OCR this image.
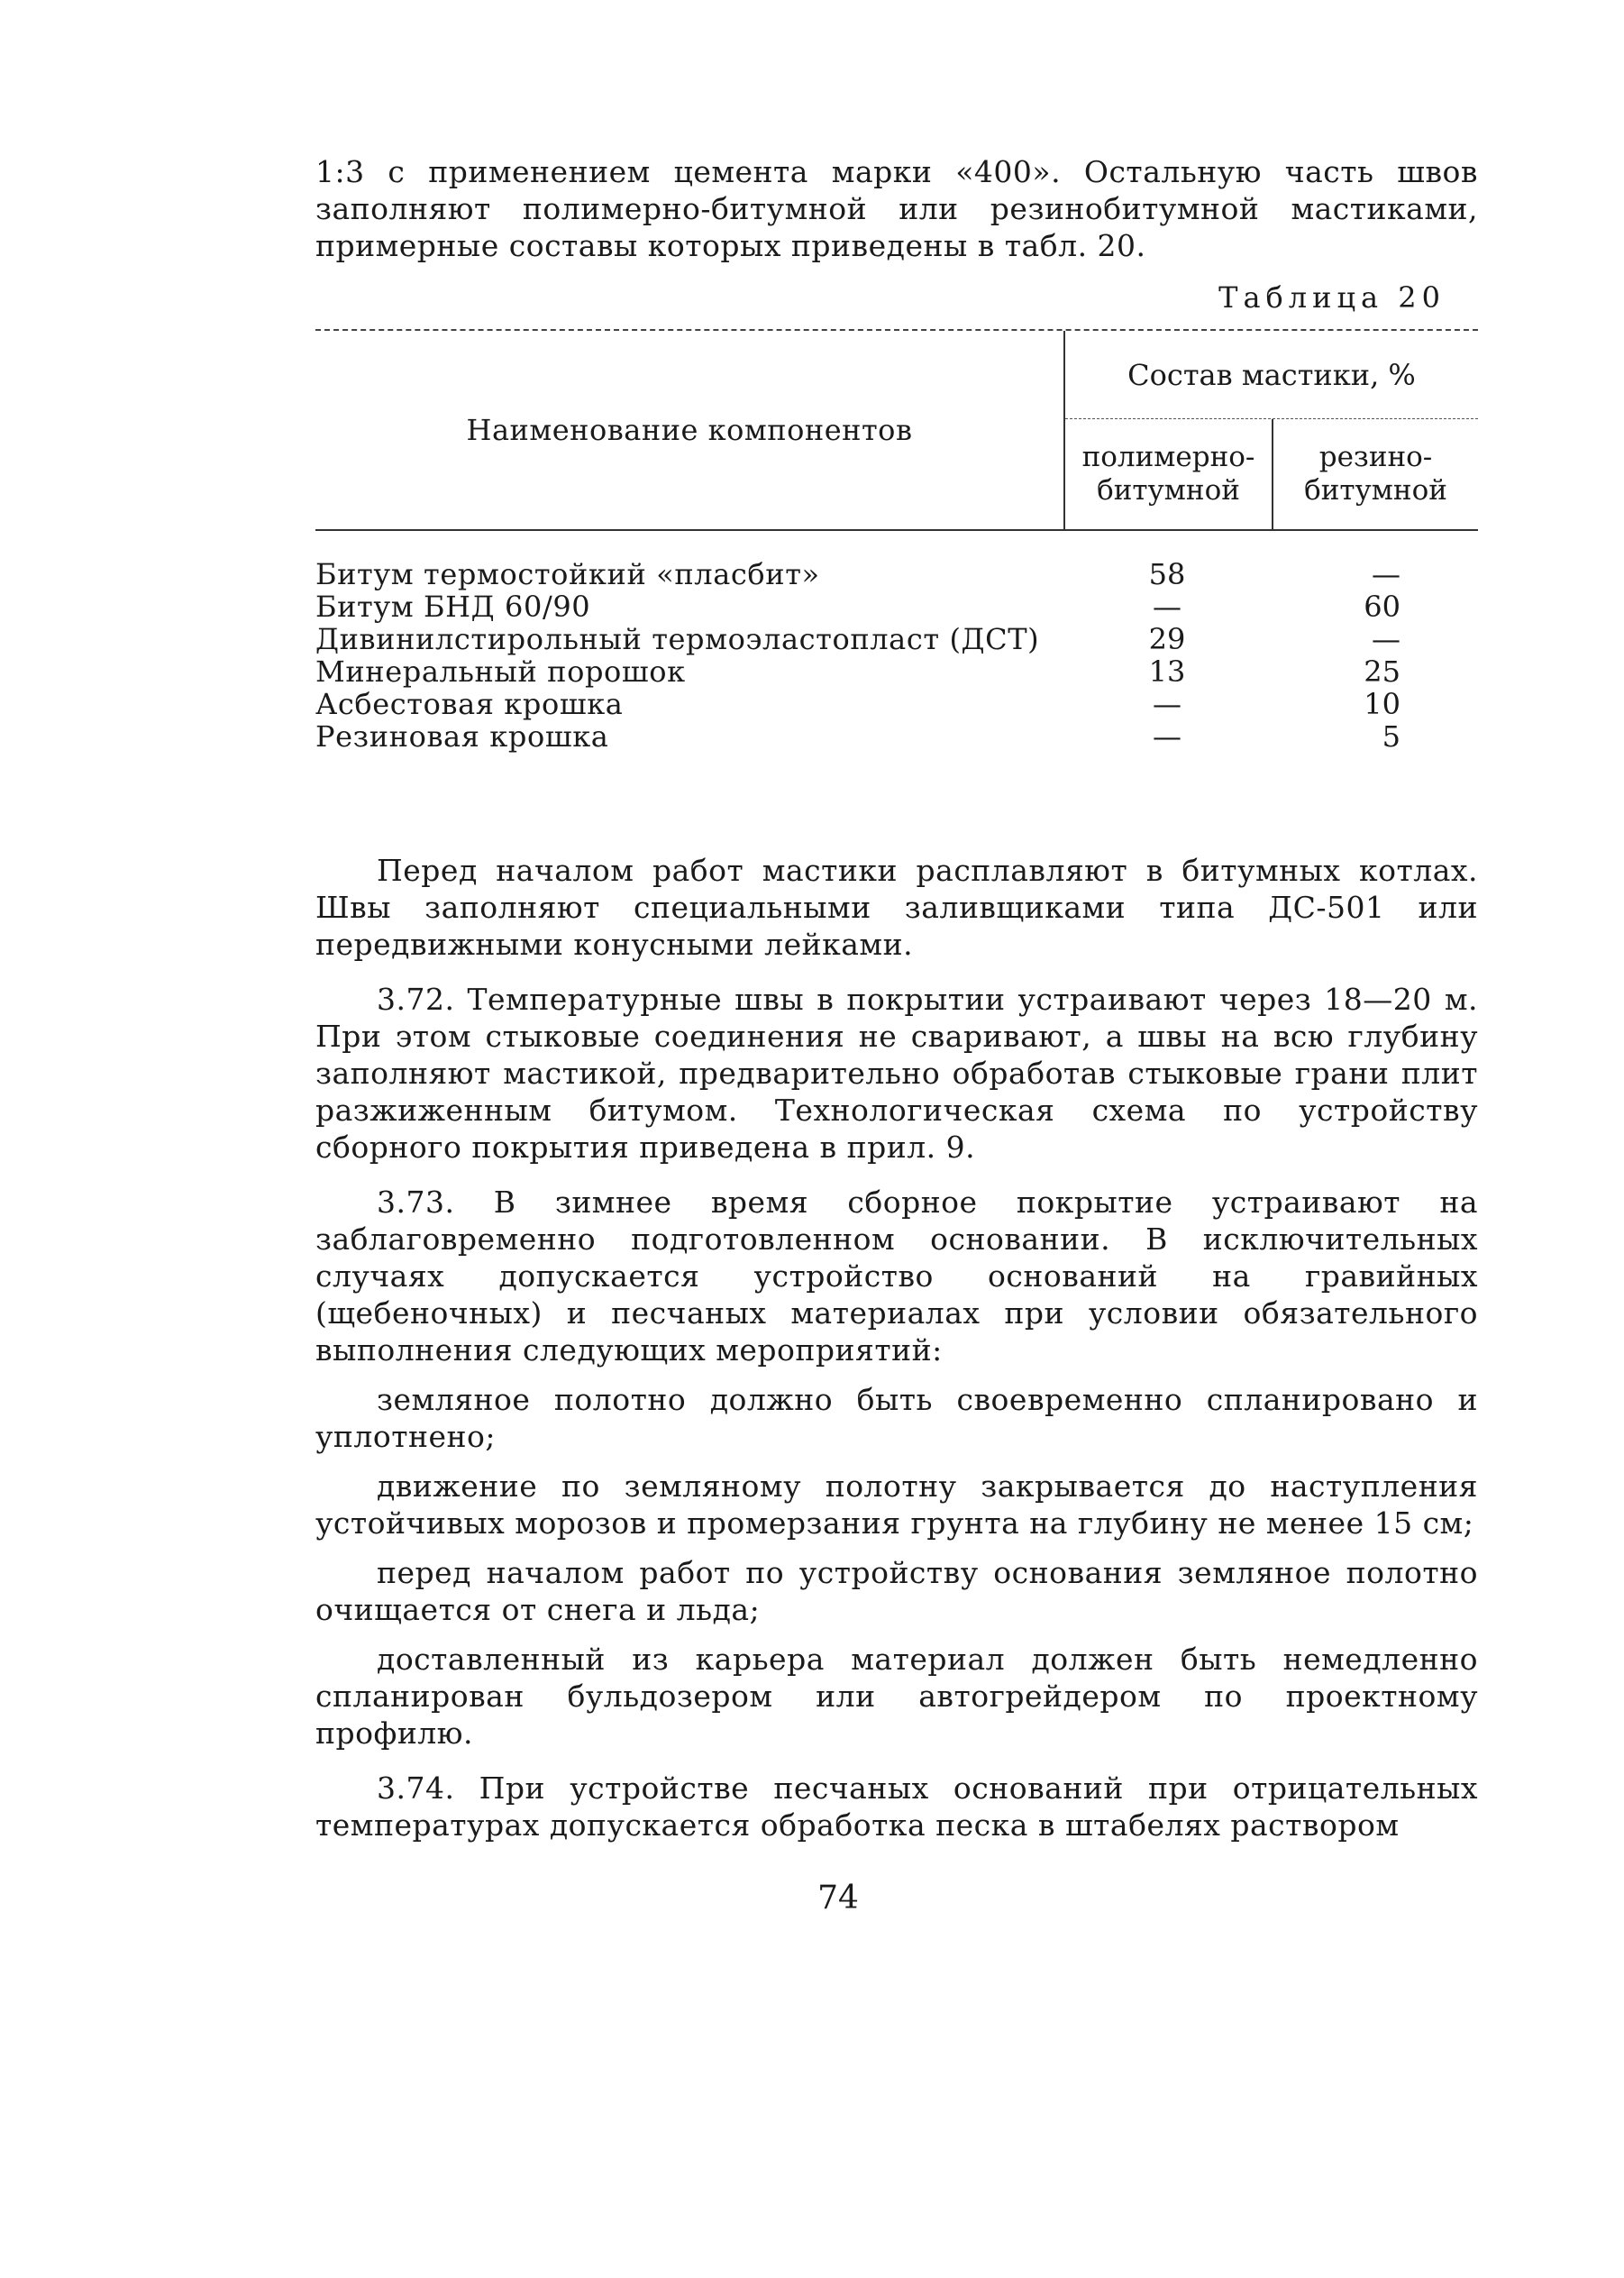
1:3 с применением цемента марки «400». Остальную часть швов заполняют полимерно-битумной или резинобитумной мастиками, примерные составы которых приведены в табл. 20.

Таблица 20
Наименование компонентов
Состав мастики, %
полимерно-битумной
резино-битумной
Битум термостойкий «пласбит»	58	—
Битум БНД 60/90	—	60
Дивинилстирольный термоэластопласт (ДСТ)	29	—
Минеральный порошок	13	25
Асбестовая крошка	—	10
Резиновая крошка	—	5

Перед началом работ мастики расплавляют в битумных котлах. Швы заполняют специальными заливщиками типа ДС-501 или передвижными конусными лейками.

3.72. Температурные швы в покрытии устраивают через 18—20 м. При этом стыковые соединения не сваривают, а швы на всю глубину заполняют мастикой, предварительно обработав стыковые грани плит разжиженным битумом. Технологическая схема по устройству сборного покрытия приведена в прил. 9.

3.73. В зимнее время сборное покрытие устраивают на заблаговременно подготовленном основании. В исключительных случаях допускается устройство оснований на гравийных (щебеночных) и песчаных материалах при условии обязательного выполнения следующих мероприятий:

земляное полотно должно быть своевременно спланировано и уплотнено;

движение по земляному полотну закрывается до наступления устойчивых морозов и промерзания грунта на глубину не менее 15 см;

перед началом работ по устройству основания земляное полотно очищается от снега и льда;

доставленный из карьера материал должен быть немедленно спланирован бульдозером или автогрейдером по проектному профилю.

3.74. При устройстве песчаных оснований при отрицательных температурах допускается обработка песка в штабелях раствором

74
